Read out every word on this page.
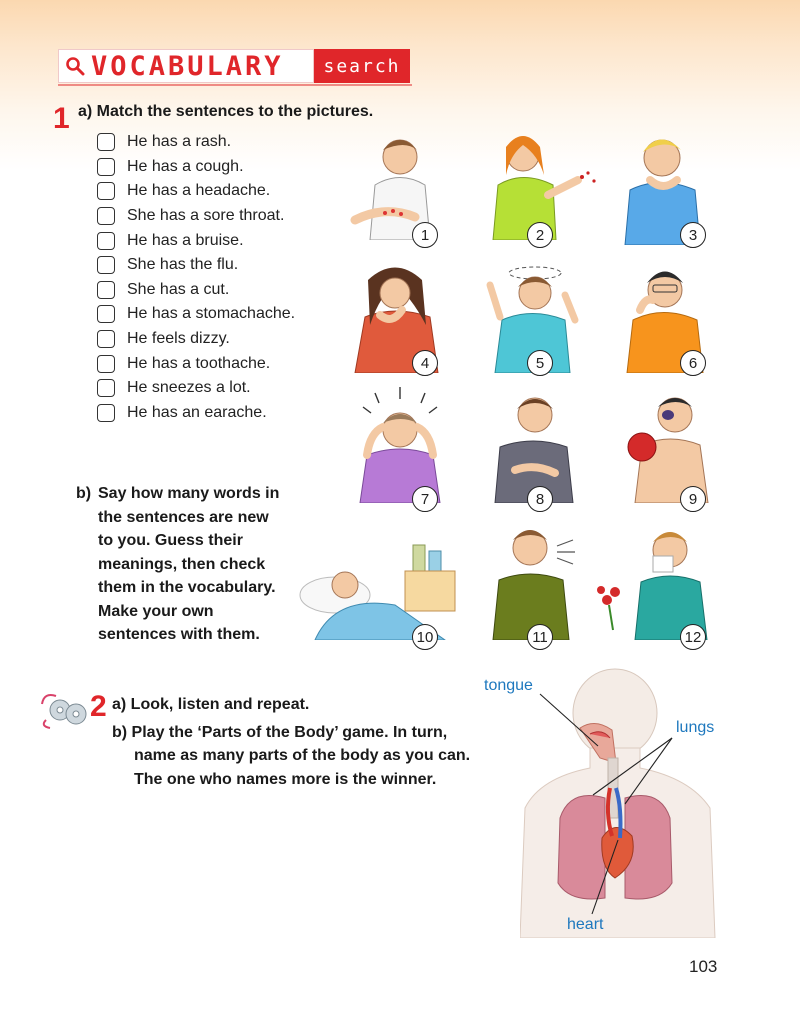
VOCABULARY	search
1 a) Match the sentences to the pictures.
He has a rash.
He has a cough.
He has a headache.
She has a sore throat.
He has a bruise.
She has the flu.
She has a cut.
He has a stomachache.
He feels dizzy.
He has a toothache.
He sneezes a lot.
He has an earache.
b) Say how many words in
the sentences are new
to you. Guess their
meanings, then check
them in the vocabulary.
Make your own
sentences with them.
1	2	3
4	5	6
7	8	9
10	11	12
2 a) Look, listen and repeat.
b) Play the ‘Parts of the Body’ game. In turn,
name as many parts of the body as you can.
The one who names more is the winner.
tongue
lungs
heart
103
